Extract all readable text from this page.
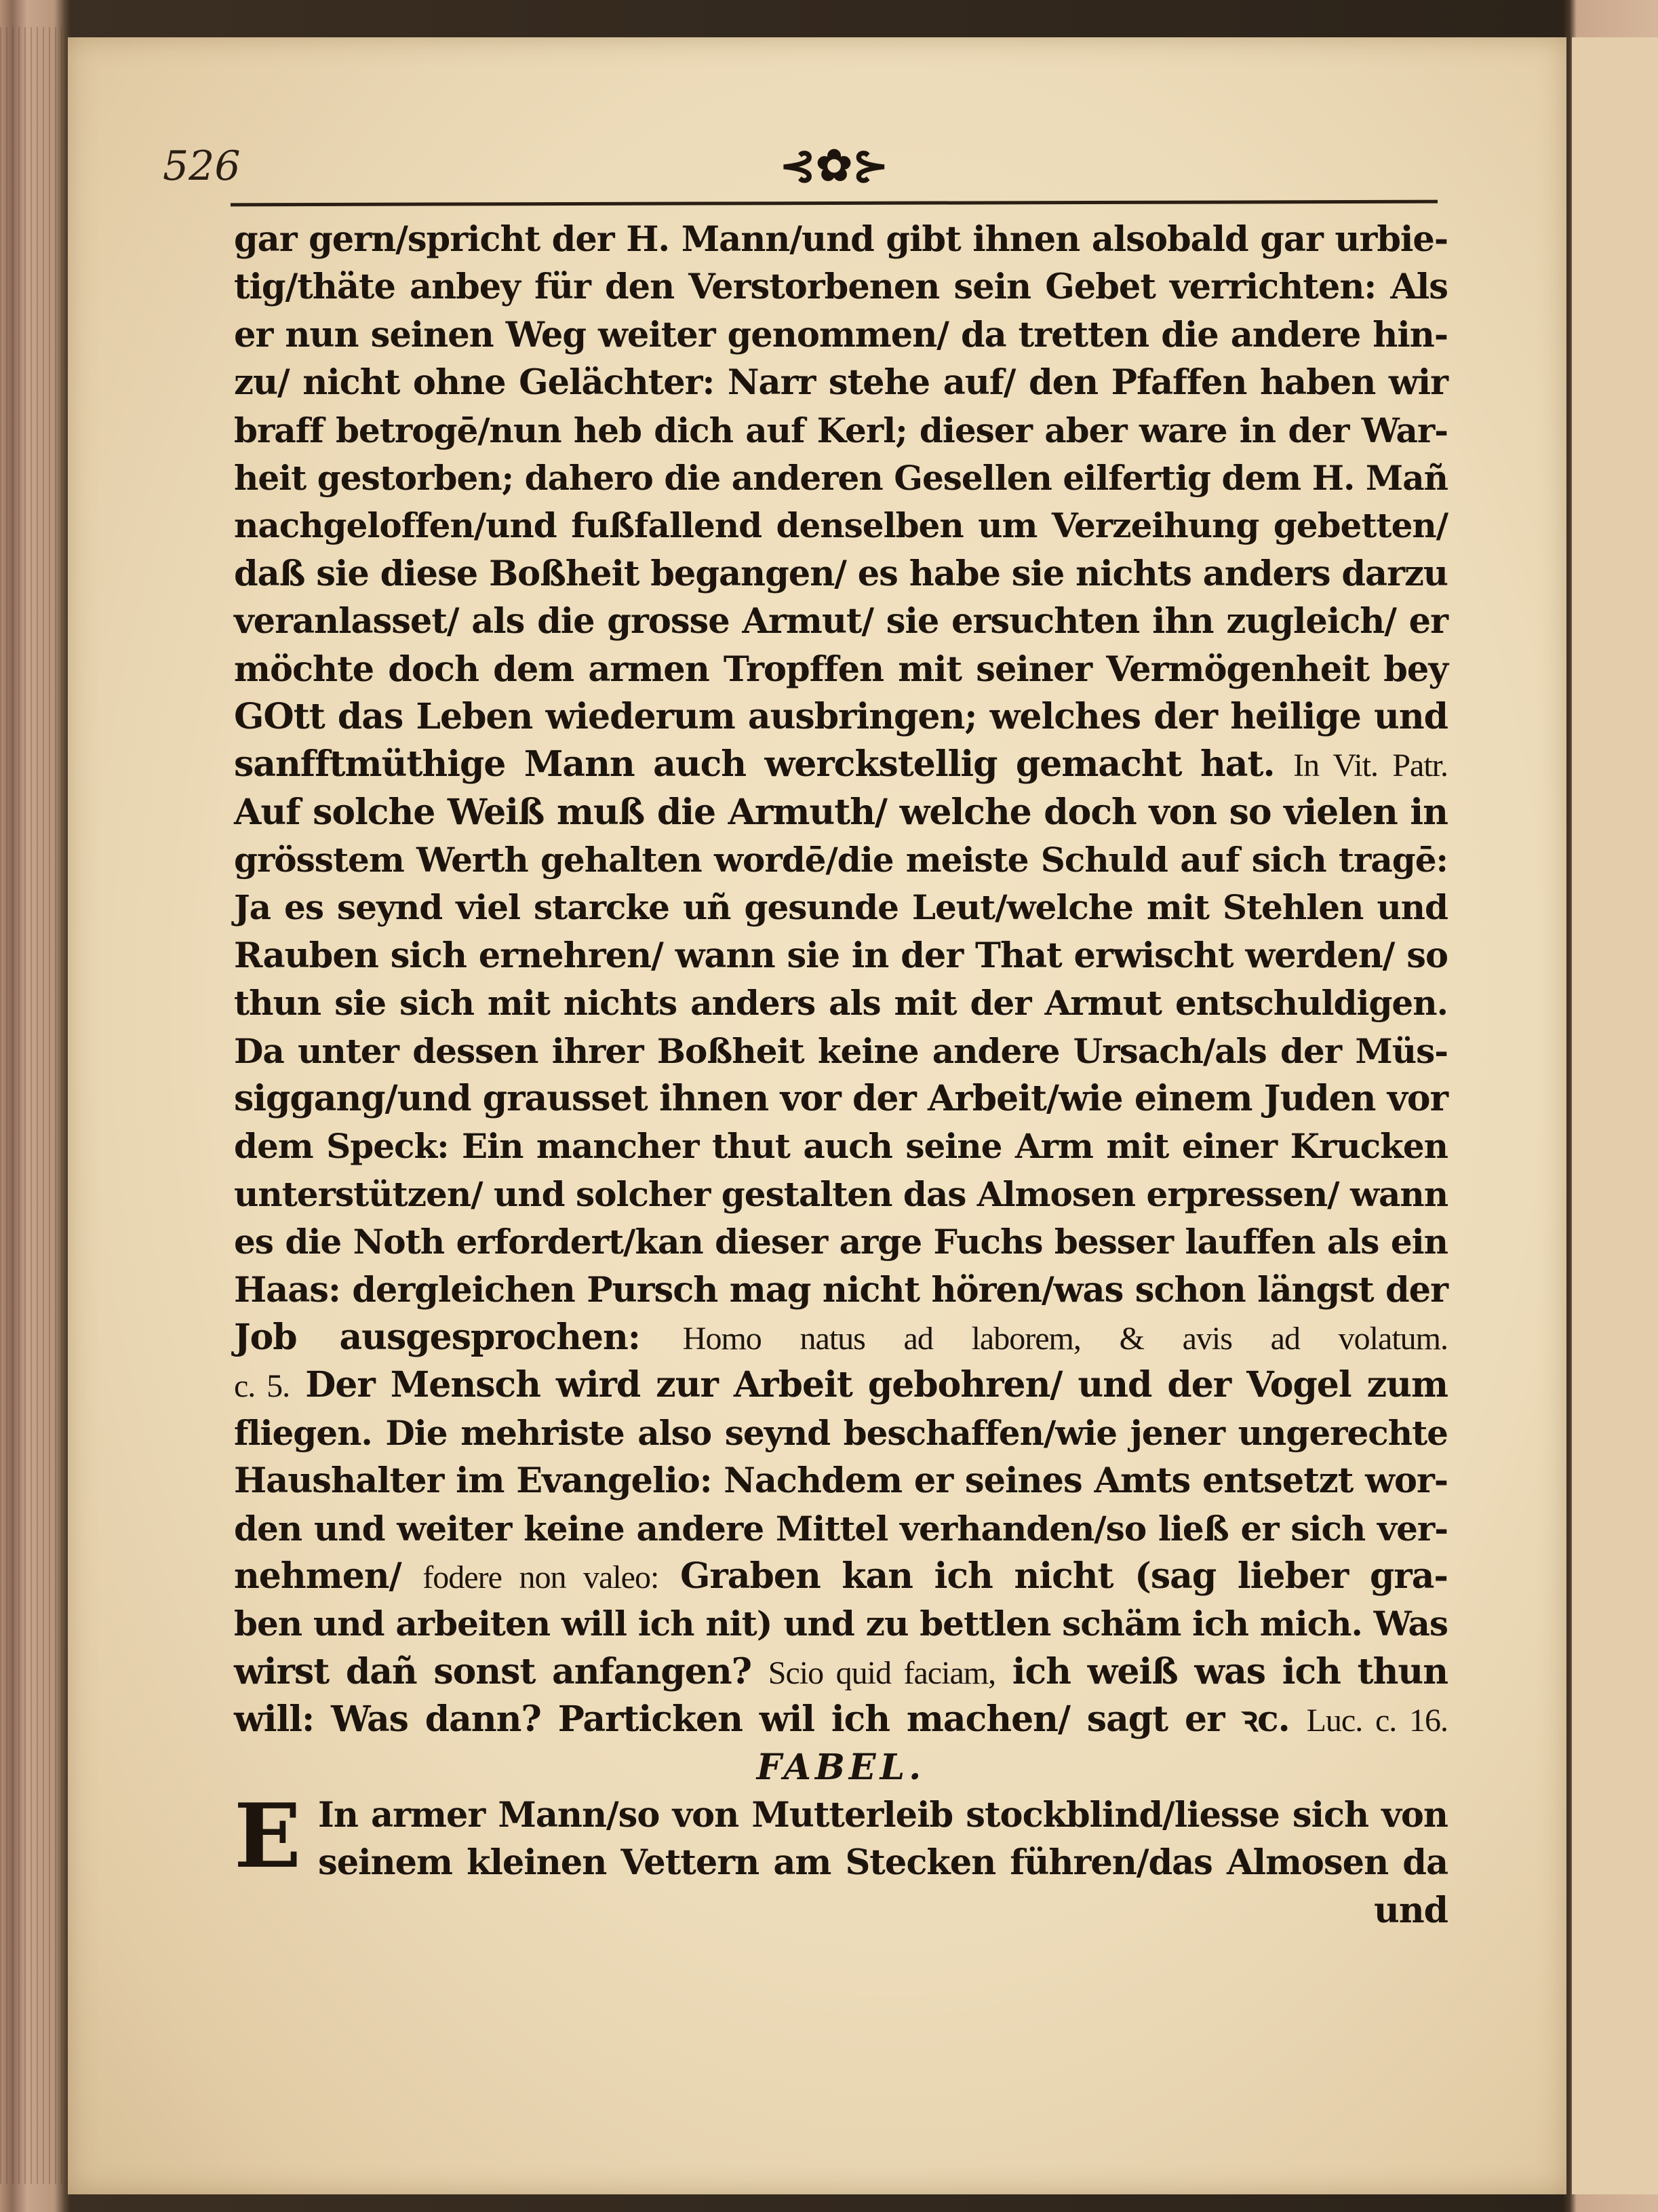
526	⊰✿⊱
gar gern/spricht der H. Mann/und gibt ihnen alsobald gar urbie-
tig/thäte anbey für den Verstorbenen sein Gebet verrichten: Als
er nun seinen Weg weiter genommen/ da tretten die andere hin-
zu/ nicht ohne Gelächter: Narr stehe auf/ den Pfaffen haben wir
braff betrogē/nun heb dich auf Kerl; dieser aber ware in der War-
heit gestorben; dahero die anderen Gesellen eilfertig dem H. Mañ
nachgeloffen/und fußfallend denselben um Verzeihung gebetten/
daß sie diese Boßheit begangen/ es habe sie nichts anders darzu
veranlasset/ als die grosse Armut/ sie ersuchten ihn zugleich/ er
möchte doch dem armen Tropffen mit seiner Vermögenheit bey
GOtt das Leben wiederum ausbringen; welches der heilige und
sanfftmüthige Mann auch werckstellig gemacht hat. In Vit. Patr.
Auf solche Weiß muß die Armuth/ welche doch von so vielen in
grösstem Werth gehalten wordē/die meiste Schuld auf sich tragē:
Ja es seynd viel starcke uñ gesunde Leut/welche mit Stehlen und
Rauben sich ernehren/ wann sie in der That erwischt werden/ so
thun sie sich mit nichts anders als mit der Armut entschuldigen.
Da unter dessen ihrer Boßheit keine andere Ursach/als der Müs-
siggang/und grausset ihnen vor der Arbeit/wie einem Juden vor
dem Speck: Ein mancher thut auch seine Arm mit einer Krucken
unterstützen/ und solcher gestalten das Almosen erpressen/ wann
es die Noth erfordert/kan dieser arge Fuchs besser lauffen als ein
Haas: dergleichen Pursch mag nicht hören/was schon längst der
Job ausgesprochen: Homo natus ad laborem, & avis ad volatum.
c. 5. Der Mensch wird zur Arbeit gebohren/ und der Vogel zum
fliegen. Die mehriste also seynd beschaffen/wie jener ungerechte
Haushalter im Evangelio: Nachdem er seines Amts entsetzt wor-
den und weiter keine andere Mittel verhanden/so ließ er sich ver-
nehmen/ fodere non valeo: Graben kan ich nicht (sag lieber gra-
ben und arbeiten will ich nit) und zu bettlen schäm ich mich. Was
wirst dañ sonst anfangen? Scio quid faciam, ich weiß was ich thun
will: Was dann? Particken wil ich machen/ sagt er ꝛc. Luc. c. 16.
FABEL.
E In armer Mann/so von Mutterleib stockblind/liesse sich von
seinem kleinen Vettern am Stecken führen/das Almosen da
und
